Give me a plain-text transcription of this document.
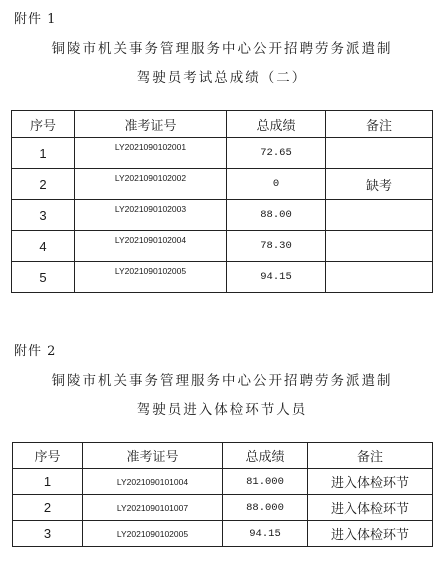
附件 1
铜陵市机关事务管理服务中心公开招聘劳务派遣制
驾驶员考试总成绩（二）
序号	准考证号	总成绩	备注
1	LY2021090102001	72.65	
2	LY2021090102002	0	缺考
3	LY2021090102003	88.00	
4	LY2021090102004	78.30	
5	LY2021090102005	94.15	
附件 2
铜陵市机关事务管理服务中心公开招聘劳务派遣制
驾驶员进入体检环节人员
序号	准考证号	总成绩	备注
1	LY2021090101004	81.000	进入体检环节
2	LY2021090101007	88.000	进入体检环节
3	LY2021090102005	94.15	进入体检环节
